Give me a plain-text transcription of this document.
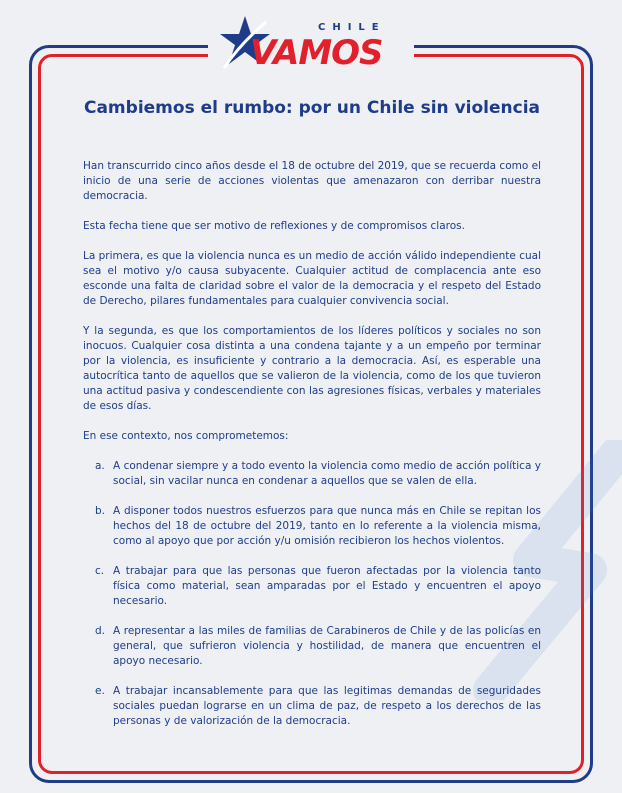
CHILE
VAMOS
Cambiemos el rumbo: por un Chile sin violencia

Han transcurrido cinco años desde el 18 de octubre del 2019, que se recuerda como el inicio de una serie de acciones violentas que amenazaron con derribar nuestra democracia.

Esta fecha tiene que ser motivo de reflexiones y de compromisos claros.

La primera, es que la violencia nunca es un medio de acción válido independiente cual sea el motivo y/o causa subyacente. Cualquier actitud de complacencia ante eso esconde una falta de claridad sobre el valor de la democracia y el respeto del Estado de Derecho, pilares fundamentales para cualquier convivencia social.

Y la segunda, es que los comportamientos de los líderes políticos y sociales no son inocuos. Cualquier cosa distinta a una condena tajante y a un empeño por terminar por la violencia, es insuficiente y contrario a la democracia. Así, es esperable una autocrítica tanto de aquellos que se valieron de la violencia, como de los que tuvieron una actitud pasiva y condescendiente con las agresiones físicas, verbales y materiales de esos días.

En ese contexto, nos comprometemos:

a. A condenar siempre y a todo evento la violencia como medio de acción política y social, sin vacilar nunca en condenar a aquellos que se valen de ella.
b. A disponer todos nuestros esfuerzos para que nunca más en Chile se repitan los hechos del 18 de octubre del 2019, tanto en lo referente a la violencia misma, como al apoyo que por acción y/u omisión recibieron los hechos violentos.
c. A trabajar para que las personas que fueron afectadas por la violencia tanto física como material, sean amparadas por el Estado y encuentren el apoyo necesario.
d. A representar a las miles de familias de Carabineros de Chile y de las policías en general, que sufrieron violencia y hostilidad, de manera que encuentren el apoyo necesario.
e. A trabajar incansablemente para que las legitimas demandas de seguridades sociales puedan lograrse en un clima de paz, de respeto a los derechos de las personas y de valorización de la democracia.
